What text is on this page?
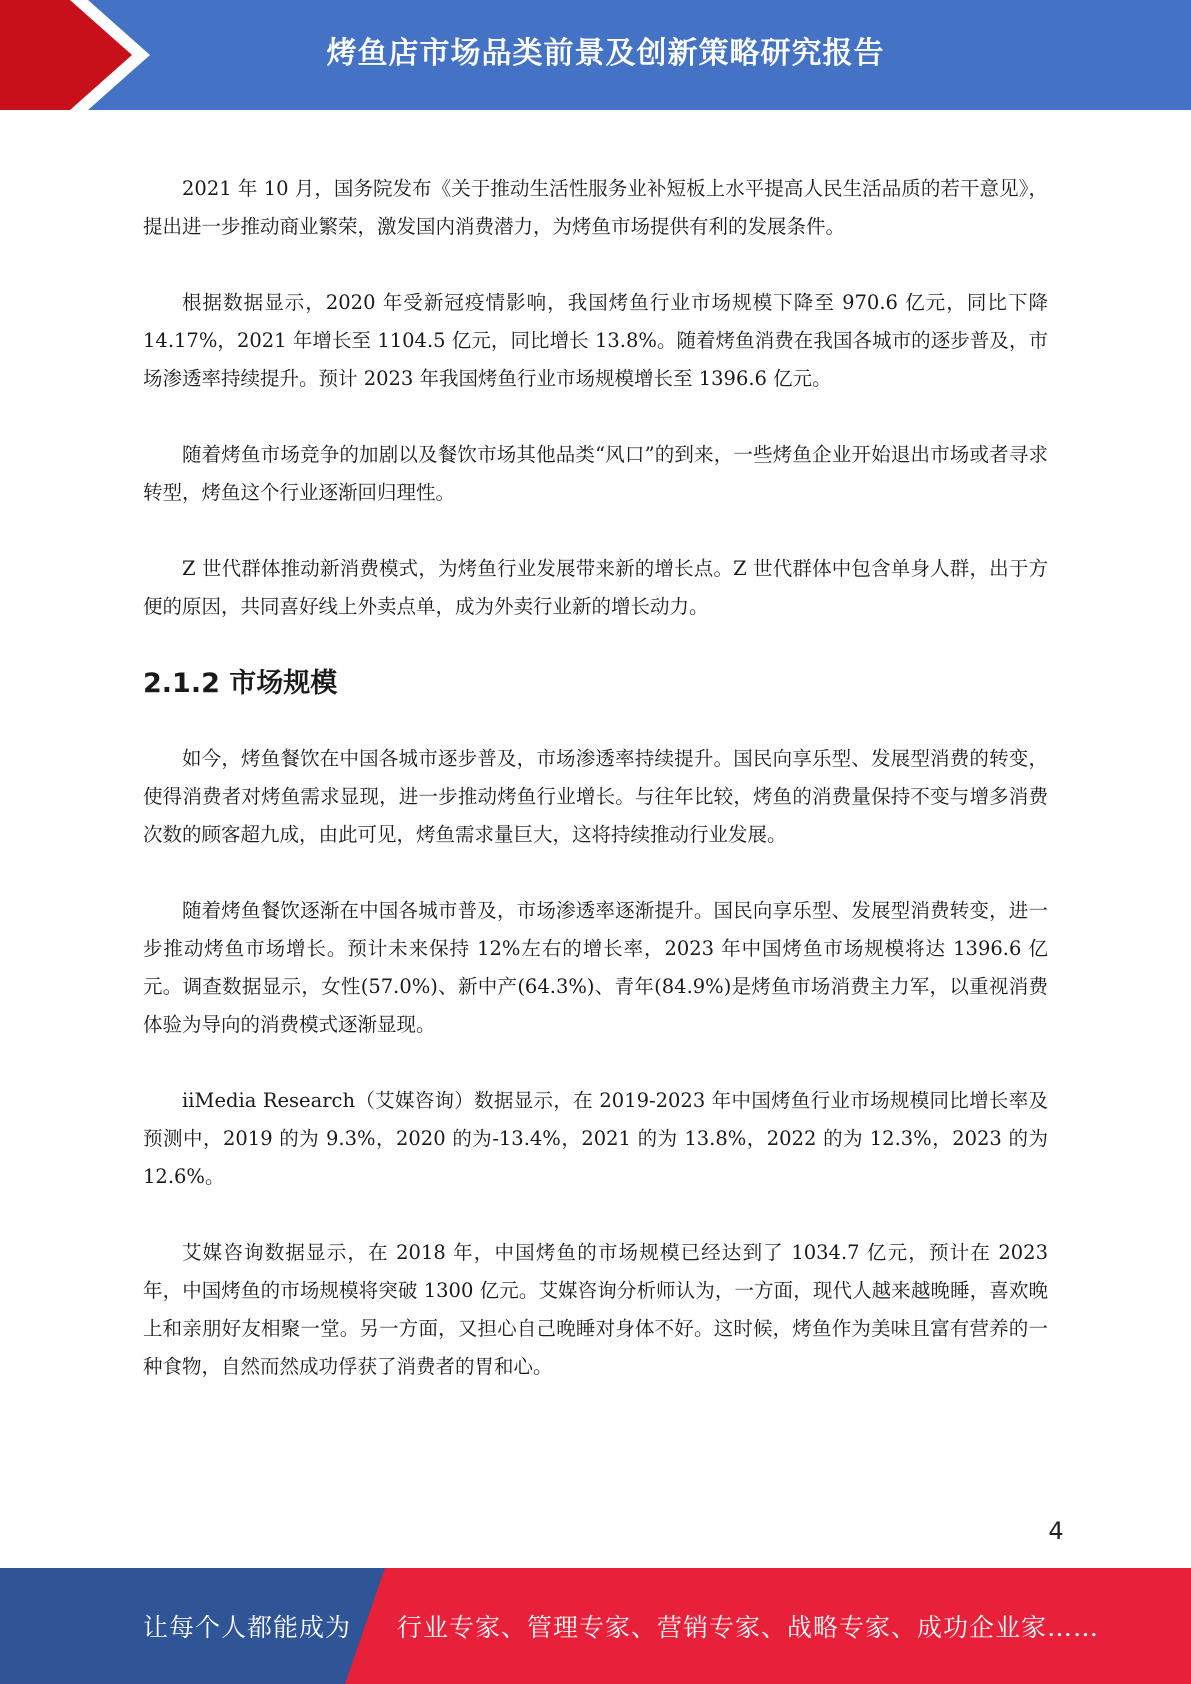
烤鱼店市场品类前景及创新策略研究报告

2021 年 10 月，国务院发布《关于推动生活性服务业补短板上水平提高人民生活品质的若干意见》，提出进一步推动商业繁荣，激发国内消费潜力，为烤鱼市场提供有利的发展条件。

根据数据显示，2020 年受新冠疫情影响，我国烤鱼行业市场规模下降至 970.6 亿元，同比下降 14.17%，2021 年增长至 1104.5 亿元，同比增长 13.8%。随着烤鱼消费在我国各城市的逐步普及，市场渗透率持续提升。预计 2023 年我国烤鱼行业市场规模增长至 1396.6 亿元。

随着烤鱼市场竞争的加剧以及餐饮市场其他品类“风口”的到来，一些烤鱼企业开始退出市场或者寻求转型，烤鱼这个行业逐渐回归理性。

Z 世代群体推动新消费模式，为烤鱼行业发展带来新的增长点。Z 世代群体中包含单身人群，出于方便的原因，共同喜好线上外卖点单，成为外卖行业新的增长动力。

2.1.2 市场规模

如今，烤鱼餐饮在中国各城市逐步普及，市场渗透率持续提升。国民向享乐型、发展型消费的转变，使得消费者对烤鱼需求显现，进一步推动烤鱼行业增长。与往年比较，烤鱼的消费量保持不变与增多消费次数的顾客超九成，由此可见，烤鱼需求量巨大，这将持续推动行业发展。

随着烤鱼餐饮逐渐在中国各城市普及，市场渗透率逐渐提升。国民向享乐型、发展型消费转变，进一步推动烤鱼市场增长。预计未来保持 12%左右的增长率，2023 年中国烤鱼市场规模将达 1396.6 亿元。调查数据显示，女性(57.0%)、新中产(64.3%)、青年(84.9%)是烤鱼市场消费主力军，以重视消费体验为导向的消费模式逐渐显现。

iiMedia Research（艾媒咨询）数据显示，在 2019-2023 年中国烤鱼行业市场规模同比增长率及预测中，2019 的为 9.3%，2020 的为-13.4%，2021 的为 13.8%，2022 的为 12.3%，2023 的为 12.6%。

艾媒咨询数据显示，在 2018 年，中国烤鱼的市场规模已经达到了 1034.7 亿元，预计在 2023 年，中国烤鱼的市场规模将突破 1300 亿元。艾媒咨询分析师认为，一方面，现代人越来越晚睡，喜欢晚上和亲朋好友相聚一堂。另一方面，又担心自己晚睡对身体不好。这时候，烤鱼作为美味且富有营养的一种食物，自然而然成功俘获了消费者的胃和心。

4
让每个人都能成为 行业专家、管理专家、营销专家、战略专家、成功企业家……
